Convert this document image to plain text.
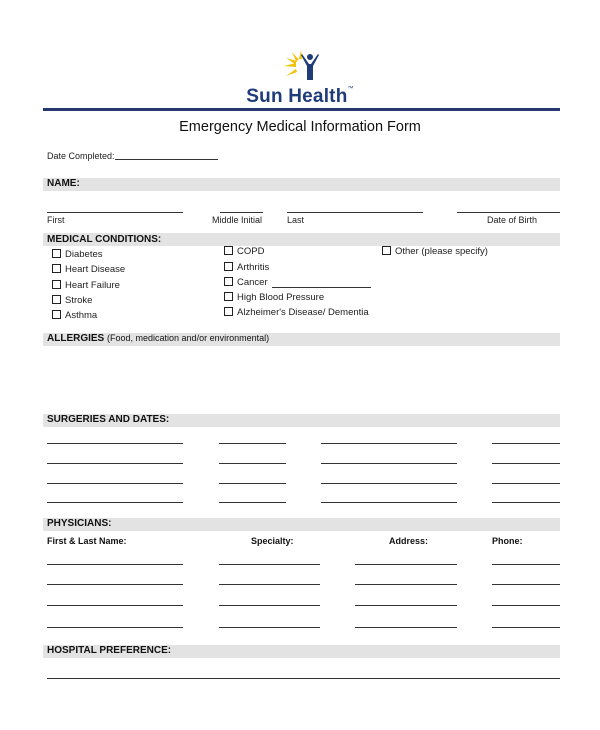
Sun Health™
Emergency Medical Information Form
Date Completed:
NAME:
First	Middle Initial	Last	Date of Birth
MEDICAL CONDITIONS:
Diabetes
Heart Disease
Heart Failure
Stroke
Asthma
COPD
Arthritis
Cancer
High Blood Pressure
Alzheimer's Disease/ Dementia
Other (please specify)
ALLERGIES (Food, medication and/or environmental)
SURGERIES AND DATES:
PHYSICIANS:
First & Last Name:	Specialty:	Address:	Phone:
HOSPITAL PREFERENCE:
